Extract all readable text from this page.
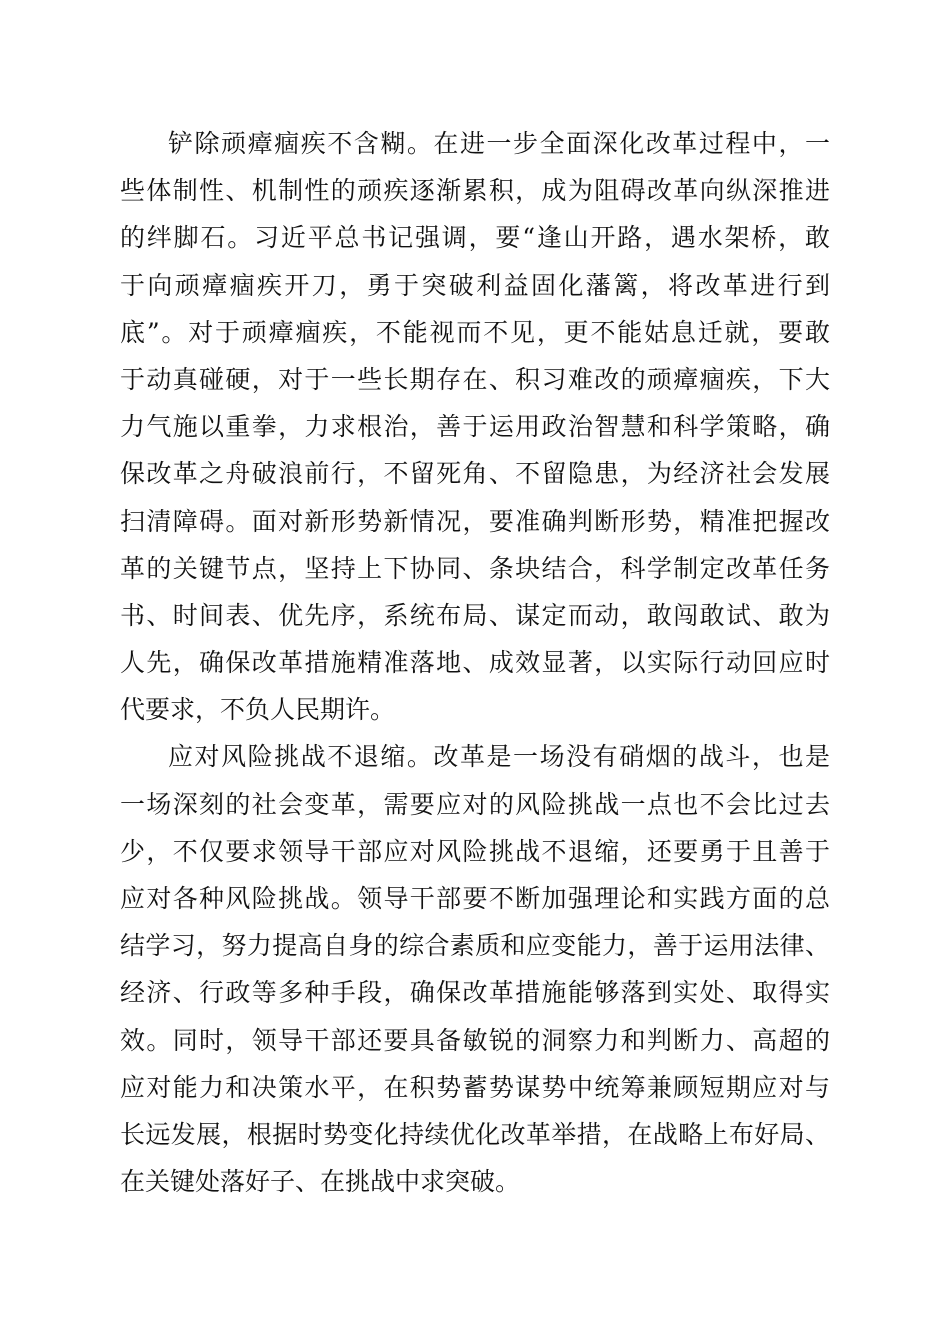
铲除顽瘴痼疾不含糊。在进一步全面深化改革过程中，一
些体制性、机制性的顽疾逐渐累积，成为阻碍改革向纵深推进
的绊脚石。习近平总书记强调，要“逢山开路，遇水架桥，敢
于向顽瘴痼疾开刀，勇于突破利益固化藩篱，将改革进行到
底”。对于顽瘴痼疾，不能视而不见，更不能姑息迁就，要敢
于动真碰硬，对于一些长期存在、积习难改的顽瘴痼疾，下大
力气施以重拳，力求根治，善于运用政治智慧和科学策略，确
保改革之舟破浪前行，不留死角、不留隐患，为经济社会发展
扫清障碍。面对新形势新情况，要准确判断形势，精准把握改
革的关键节点，坚持上下协同、条块结合，科学制定改革任务
书、时间表、优先序，系统布局、谋定而动，敢闯敢试、敢为
人先，确保改革措施精准落地、成效显著，以实际行动回应时
代要求，不负人民期许。
应对风险挑战不退缩。改革是一场没有硝烟的战斗，也是
一场深刻的社会变革，需要应对的风险挑战一点也不会比过去
少，不仅要求领导干部应对风险挑战不退缩，还要勇于且善于
应对各种风险挑战。领导干部要不断加强理论和实践方面的总
结学习，努力提高自身的综合素质和应变能力，善于运用法律、
经济、行政等多种手段，确保改革措施能够落到实处、取得实
效。同时，领导干部还要具备敏锐的洞察力和判断力、高超的
应对能力和决策水平，在积势蓄势谋势中统筹兼顾短期应对与
长远发展，根据时势变化持续优化改革举措，在战略上布好局、
在关键处落好子、在挑战中求突破。
